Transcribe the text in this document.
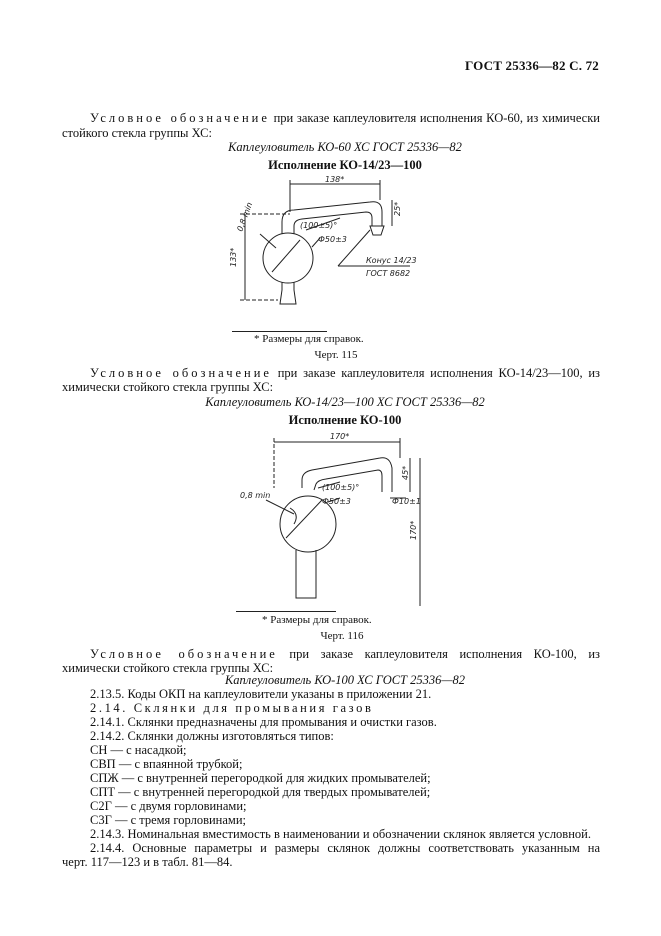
ГОСТ 25336—82 С. 72
Условное обозначение при заказе каплеуловителя исполнения КО-60, из химически
стойкого стекла группы ХС:
Каплеуловитель КО-60 ХС ГОСТ 25336—82
Исполнение КО-14/23—100
138*
133*
0,8 min	(100±5)°
Ф50±3
Конус 14/23
ГОСТ 8682
25*
* Размеры для справок.
Черт. 115
Условное обозначение при заказе каплеуловителя исполнения КО-14/23—100, из
химически стойкого стекла группы ХС:
Каплеуловитель КО-14/23—100 ХС ГОСТ 25336—82
Исполнение КО-100
170*
45*
170*
0,8 min
(100±5)°
Ф50±3	Ф10±1
* Размеры для справок.
Черт. 116
Условное обозначение при заказе каплеуловителя исполнения КО-100, из
химически стойкого стекла группы ХС:
Каплеуловитель КО-100 ХС ГОСТ 25336—82
2.13.5. Коды ОКП на каплеуловители указаны в приложении 21.
2.14. Склянки для промывания газов
2.14.1. Склянки предназначены для промывания и очистки газов.
2.14.2. Склянки должны изготовляться типов:
СН — с насадкой;
СВП — с впаянной трубкой;
СПЖ — с внутренней перегородкой для жидких промывателей;
СПТ — с внутренней перегородкой для твердых промывателей;
С2Г — с двумя горловинами;
С3Г — с тремя горловинами;
2.14.3. Номинальная вместимость в наименовании и обозначении склянок является условной.
2.14.4. Основные параметры и размеры склянок должны соответствовать указанным на
черт. 117—123 и в табл. 81—84.
